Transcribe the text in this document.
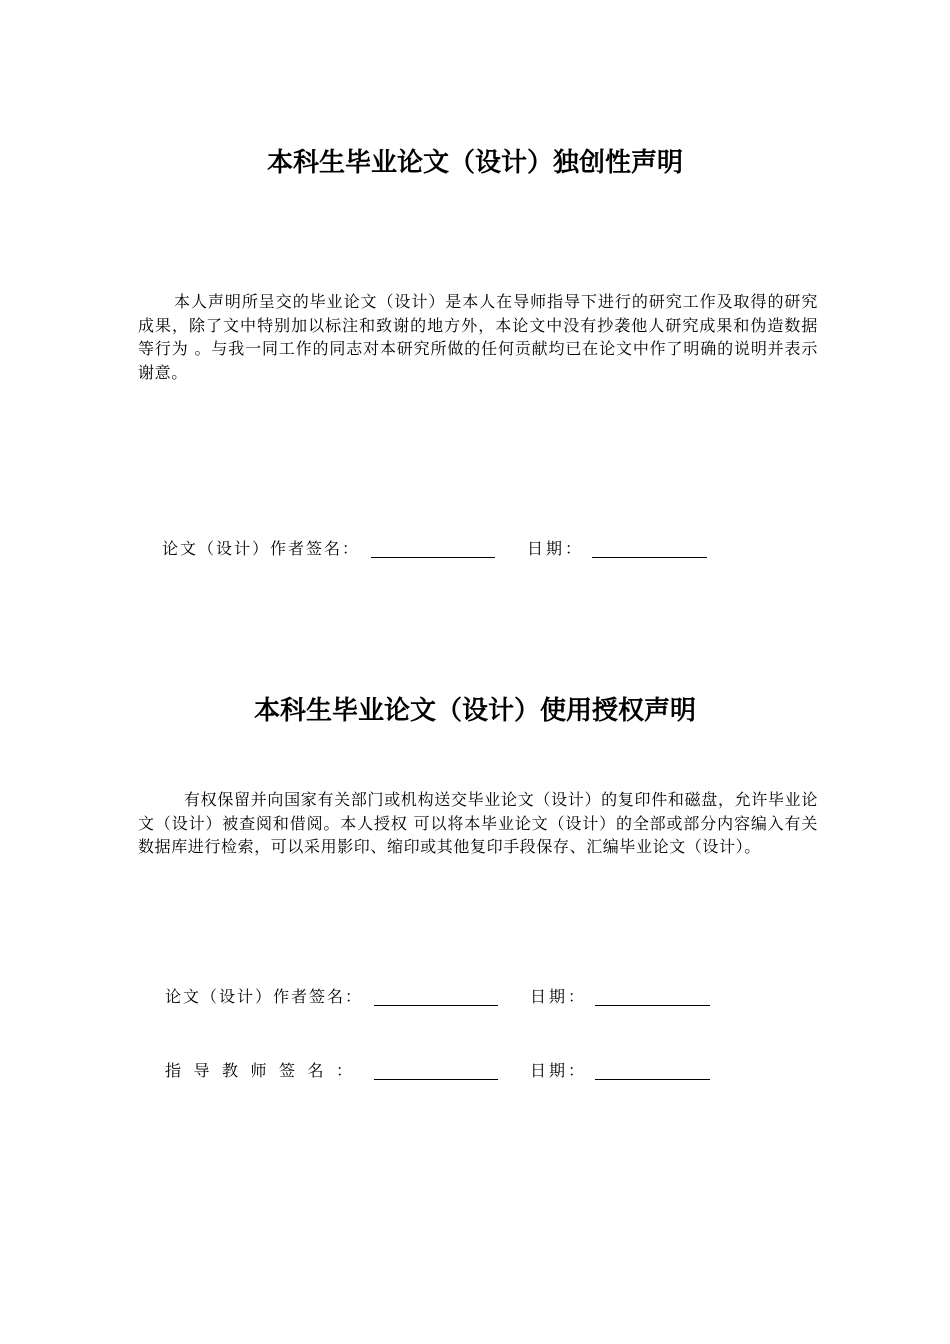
本科生毕业论文（设计）独创性声明

本人声明所呈交的毕业论文（设计）是本人在导师指导下进行的研究工作及取得的研究成果，除了文中特别加以标注和致谢的地方外，本论文中没有抄袭他人研究成果和伪造数据等行为 。与我一同工作的同志对本研究所做的任何贡献均已在论文中作了明确的说明并表示谢意。

论文（设计）作者签名：	日期：
本科生毕业论文（设计）使用授权声明

有权保留并向国家有关部门或机构送交毕业论文（设计）的复印件和磁盘，允许毕业论文（设计）被查阅和借阅。本人授权 可以将本毕业论文（设计）的全部或部分内容编入有关数据库进行检索，可以采用影印、缩印或其他复印手段保存、汇编毕业论文（设计）。

论文（设计）作者签名：	日期：
指导教师签名：	日期：
